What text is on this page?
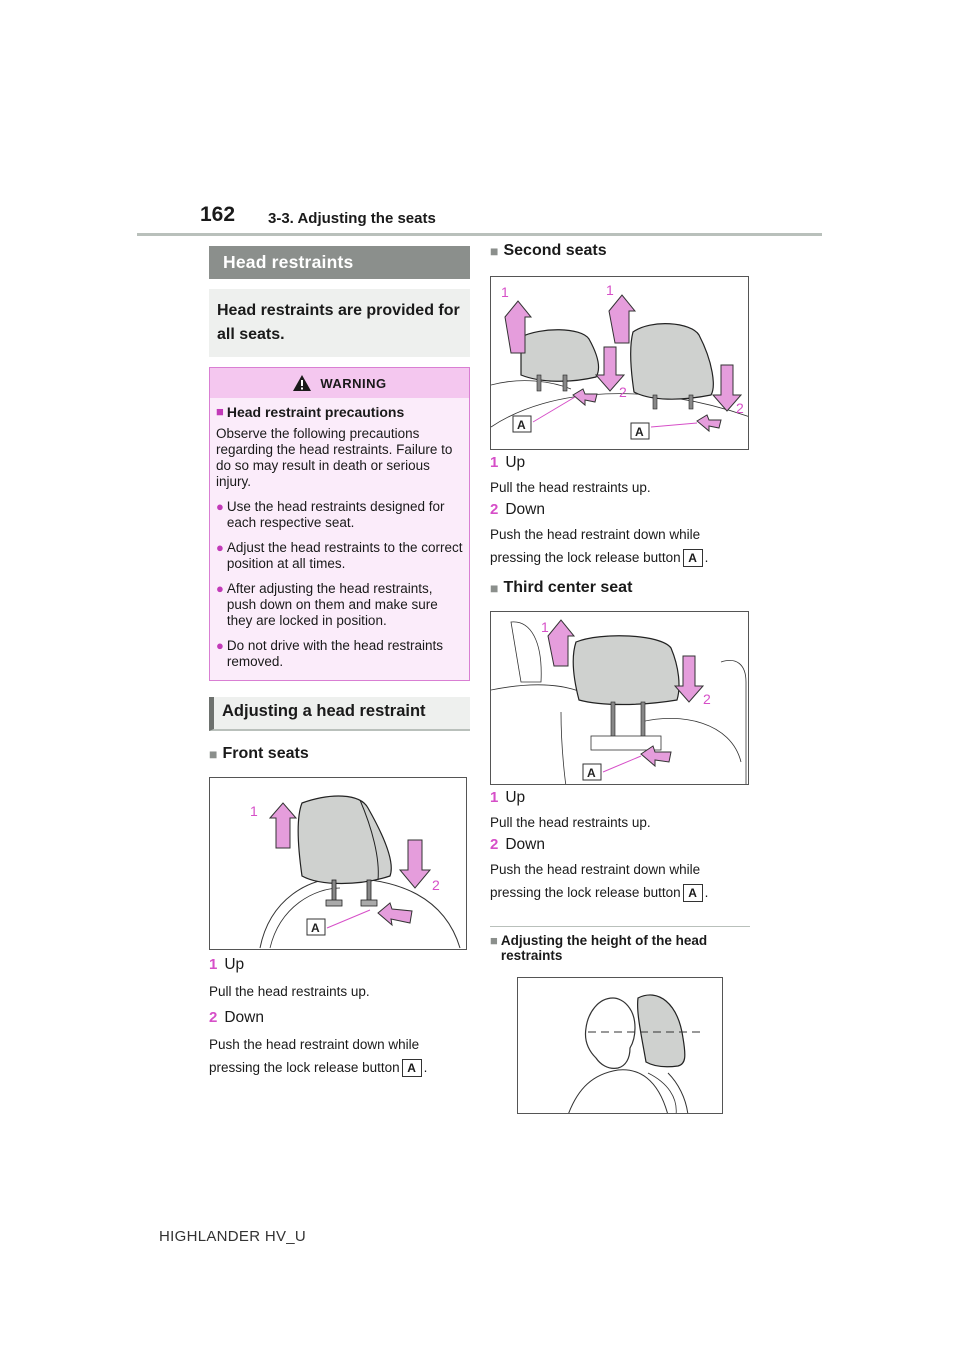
162 3-3. Adjusting the seats
Head restraints
Head restraints are provided for all seats.
WARNING
■ Head restraint precautions
Observe the following precautions regarding the head restraints. Failure to do so may result in death or serious injury.
● Use the head restraints designed for each respective seat.
● Adjust the head restraints to the correct position at all times.
● After adjusting the head restraints, push down on them and make sure they are locked in position.
● Do not drive with the head restraints removed.
Adjusting a head restraint
■ Front seats
1
2
A
1 Up
Pull the head restraints up.
2 Down
Push the head restraint down while pressing the lock release button A .
■ Second seats
1	1
2
2
A	A
1 Up
Pull the head restraints up.
2 Down
Push the head restraint down while pressing the lock release button A .
■ Third center seat
1
2
A
1 Up
Pull the head restraints up.
2 Down
Push the head restraint down while pressing the lock release button A .
■ Adjusting the height of the head restraints
HIGHLANDER HV_U
